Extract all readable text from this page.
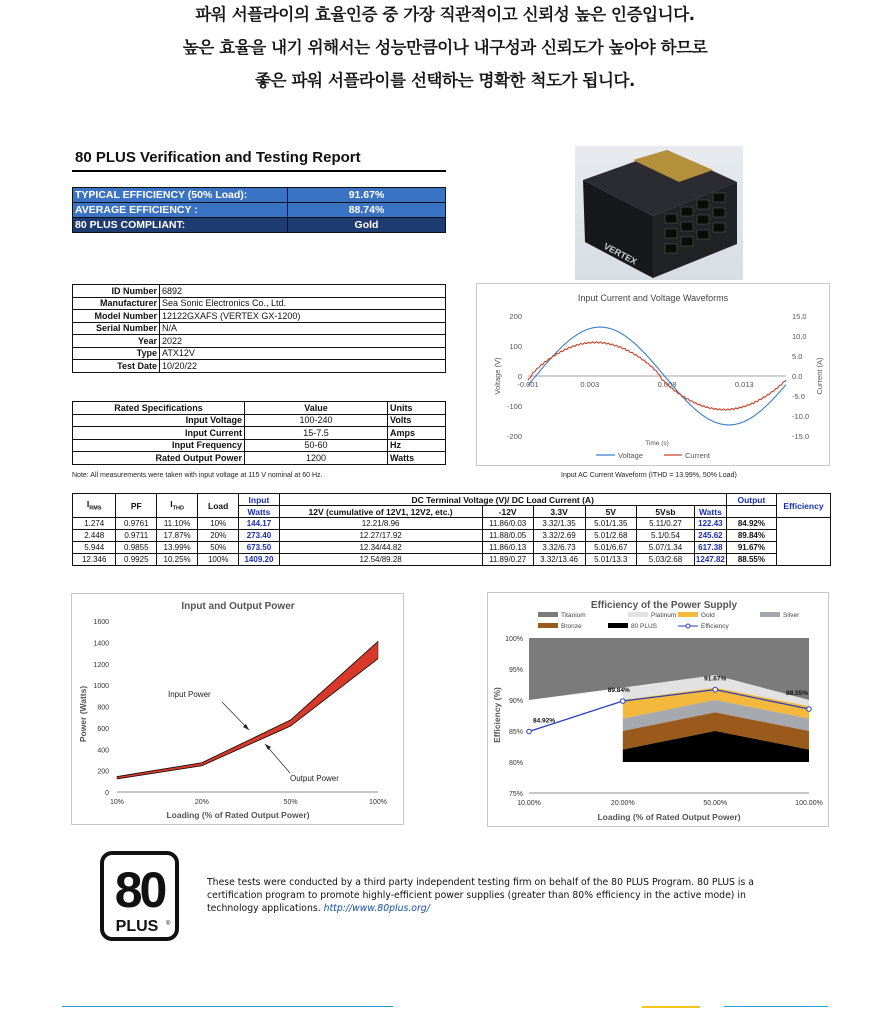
파워 서플라이의 효율인증 중 가장 직관적이고 신뢰성 높은 인증입니다.
높은 효율을 내기 위해서는 성능만큼이나 내구성과 신뢰도가 높아야 하므로
좋은 파워 서플라이를 선택하는 명확한 척도가 됩니다.
80 PLUS Verification and Testing Report
TYPICAL EFFICIENCY (50% Load):	91.67%
AVERAGE EFFICIENCY :	88.74%
80 PLUS COMPLIANT:	Gold
VERTEX
ID Number	6892
Manufacturer	Sea Sonic Electronics Co., Ltd.
Model Number	12122GXAFS (VERTEX GX-1200)
Serial Number	N/A
Year	2022
Type	ATX12V
Test Date	10/20/22
Rated Specifications	Value	Units
Input Voltage	100-240	Volts
Input Current	15-7.5	Amps
Input Frequency	50-60	Hz
Rated Output Power	1200	Watts
Note: All measurements were taken with input voltage at 115 V nominal at 60 Hz.
Input Current and Voltage Waveforms
200
100
0
-100
-200
15.0
10.0
5.0
0.0
-5.0
-10.0
-15.0
-0.001	0.003	0.008	0.013
Voltage (V)	Current (A)
Time (s)
Voltage	Current
Input AC Current Waveform (ITHD = 13.99%, 50% Load)
$I_{RMS}$	PF	$I_{THD}$	Load	Input	DC Terminal Voltage (V)/ DC Load Current (A)						Output	Efficiency
				Watts	12V (cumulative of 12V1, 12V2, etc.)	-12V	3.3V	5V	5Vsb	Watts		
1.274	0.9761	11.10%	10%	144.17	12.21/8.96	11.86/0.03	3.32/1.35	5.01/1.35	5.11/0.27	122.43	84.92%	
2.448	0.9711	17.87%	20%	273.40	12.27/17.92	11.88/0.05	3.32/2.69	5.01/2.68	5.1/0.54	245.62	89.84%	
5.944	0.9855	13.99%	50%	673.50	12.34/44.82	11.86/0.13	3.32/6.73	5.01/6.67	5.07/1.34	617.38	91.67%	
12.346	0.9925	10.25%	100%	1409.20	12.54/89.28	11.89/0.27	3.32/13.46	5.01/13.3	5.03/2.68	1247.82	88.55%	
Input and Output Power
1600
1400
1200
1000
800
600
400
200
0
10%	20%	50%	100%
Loading (% of Rated Output Power)
Power (Watts)	Input Power
Output Power
Efficiency of the Power Supply
Titanium	Platinum	Gold	Silver
Bronze	80 PLUS	Efficiency
100%
95%
90%
85%
80%
75%
10.00%	20.00%	50.00%	100.00%
Loading (% of Rated Output Power)
Efficiency (%)	84.92%
89.84%
91.67%
88.55%
80
PLUS ®
These tests were conducted by a third party independent testing firm on behalf of the 80 PLUS Program. 80 PLUS is a certification program to promote highly-efficient power supplies (greater than 80% efficiency in the active mode) in technology applications. http://www.80plus.org/
